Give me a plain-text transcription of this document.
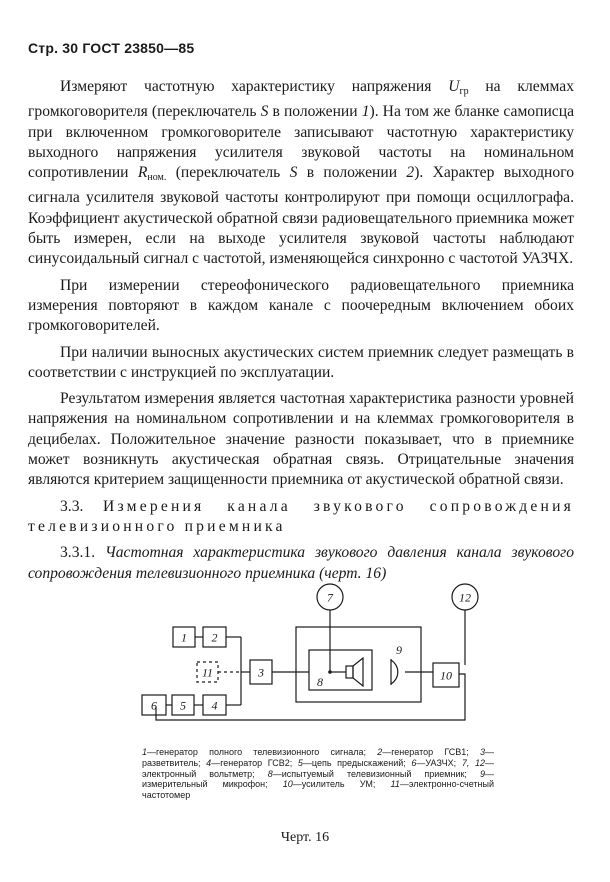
Стр. 30 ГОСТ 23850—85

Измеряют частотную характеристику напряжения $U_{гр}$ на клеммах громкоговорителя (переключатель S в положении 1). На том же бланке самописца при включенном громкоговорителе записывают частотную характеристику выходного напряжения усилителя звуковой частоты на номинальном сопротивлении $R_{ном.}$ (переключатель S в положении 2). Характер выходного сигнала усилителя звуковой частоты контролируют при помощи осциллографа. Коэффициент акустической обратной связи радиовещательного приемника может быть измерен, если на выходе усилителя звуковой частоты наблюдают синусоидальный сигнал с частотой, изменяющейся синхронно с частотой УАЗЧХ.

При измерении стереофонического радиовещательного приемника измерения повторяют в каждом канале с поочередным включением обоих громкоговорителей.

При наличии выносных акустических систем приемник следует размещать в соответствии с инструкцией по эксплуатации.

Результатом измерения является частотная характеристика разности уровней напряжения на номинальном сопротивлении и на клеммах громкоговорителя в децибелах. Положительное значение разности показывает, что в приемнике может возникнуть акустическая обратная связь. Отрицательные значения являются критерием защищенности приемника от акустической обратной связи.

3.3. Измерения канала звукового сопровождения телевизионного приемника

3.3.1. Частотная характеристика звукового давления канала звукового сопровождения телевизионного приемника (черт. 16)

1 2
3
4
5
6
7
8
9
10
11
12
1—генератор полного телевизионного сигнала; 2—генератор ГСВ1; 3—разветвитель; 4—генератор ГСВ2; 5—цепь предыскажений; 6—УАЗЧХ; 7, 12—электронный вольтметр; 8—испытуемый телевизионный приемник; 9—измерительный микрофон; 10—усилитель УМ; 11—электронно-счетный частотомер
Черт. 16
